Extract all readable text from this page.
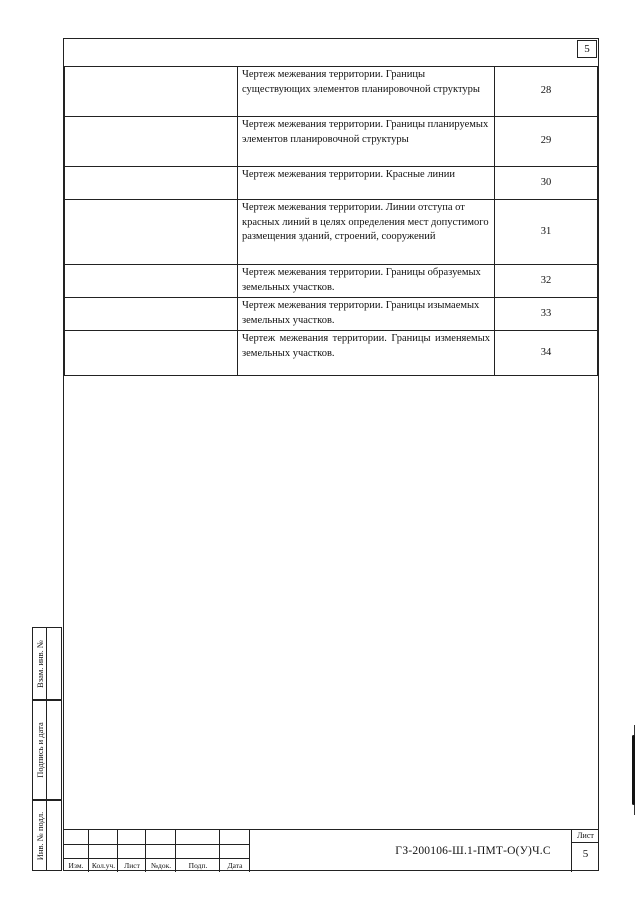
5
	Чертеж межевания территории. Границы существующих элементов планировочной структуры	28
	Чертеж межевания территории. Границы планируемых элементов планировочной структуры	29
	Чертеж межевания территории. Красные линии	30
	Чертеж межевания территории. Линии отступа от красных линий в целях определения мест допустимого размещения зданий, строений, сооружений	31
	Чертеж межевания территории. Границы образуемых земельных участков.	32
	Чертеж межевания территории. Границы изымаемых земельных участков.	33
	Чертеж межевания территории. Границы изменяемых земельных участков.	34
Взам. инв. №
Подпись и дата
Инв. № подл.
Изм.	Кол.уч.	Лист	№док.	Подп.	Дата
ГЗ-200106-Ш.1-ПМТ-О(У)Ч.С
Лист
5
